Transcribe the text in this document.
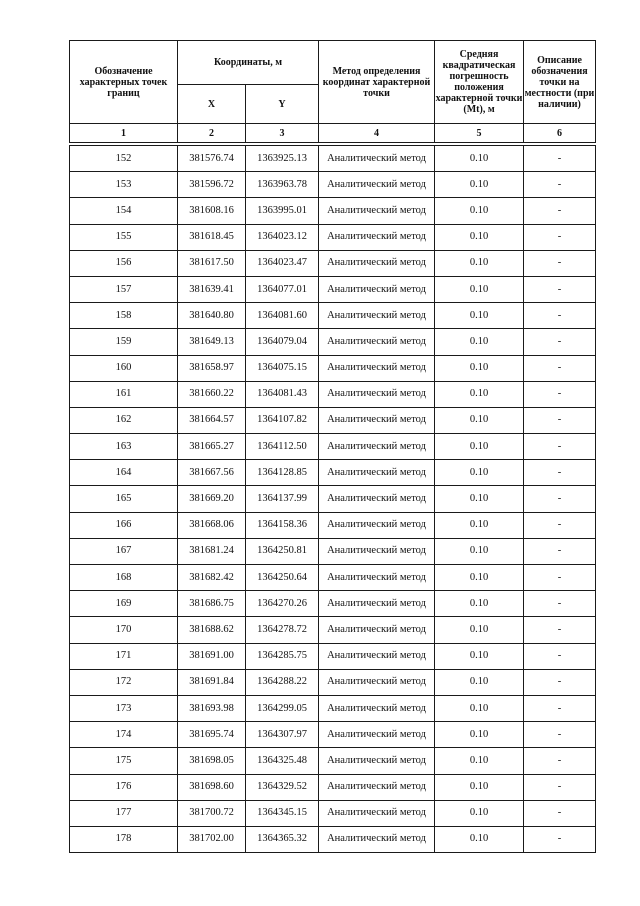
Обозначение характерных точек границ	Координаты, м		Метод определения координат характерной точки	Средняя квадратическая погрешность положения характерной точки (Mt), м	Описание обозначения точки на местности (при наличии)
	X	Y			
1	2	3	4	5	6

152	381576.74	1363925.13	Аналитический метод	0.10	-
153	381596.72	1363963.78	Аналитический метод	0.10	-
154	381608.16	1363995.01	Аналитический метод	0.10	-
155	381618.45	1364023.12	Аналитический метод	0.10	-
156	381617.50	1364023.47	Аналитический метод	0.10	-
157	381639.41	1364077.01	Аналитический метод	0.10	-
158	381640.80	1364081.60	Аналитический метод	0.10	-
159	381649.13	1364079.04	Аналитический метод	0.10	-
160	381658.97	1364075.15	Аналитический метод	0.10	-
161	381660.22	1364081.43	Аналитический метод	0.10	-
162	381664.57	1364107.82	Аналитический метод	0.10	-
163	381665.27	1364112.50	Аналитический метод	0.10	-
164	381667.56	1364128.85	Аналитический метод	0.10	-
165	381669.20	1364137.99	Аналитический метод	0.10	-
166	381668.06	1364158.36	Аналитический метод	0.10	-
167	381681.24	1364250.81	Аналитический метод	0.10	-
168	381682.42	1364250.64	Аналитический метод	0.10	-
169	381686.75	1364270.26	Аналитический метод	0.10	-
170	381688.62	1364278.72	Аналитический метод	0.10	-
171	381691.00	1364285.75	Аналитический метод	0.10	-
172	381691.84	1364288.22	Аналитический метод	0.10	-
173	381693.98	1364299.05	Аналитический метод	0.10	-
174	381695.74	1364307.97	Аналитический метод	0.10	-
175	381698.05	1364325.48	Аналитический метод	0.10	-
176	381698.60	1364329.52	Аналитический метод	0.10	-
177	381700.72	1364345.15	Аналитический метод	0.10	-
178	381702.00	1364365.32	Аналитический метод	0.10	-
